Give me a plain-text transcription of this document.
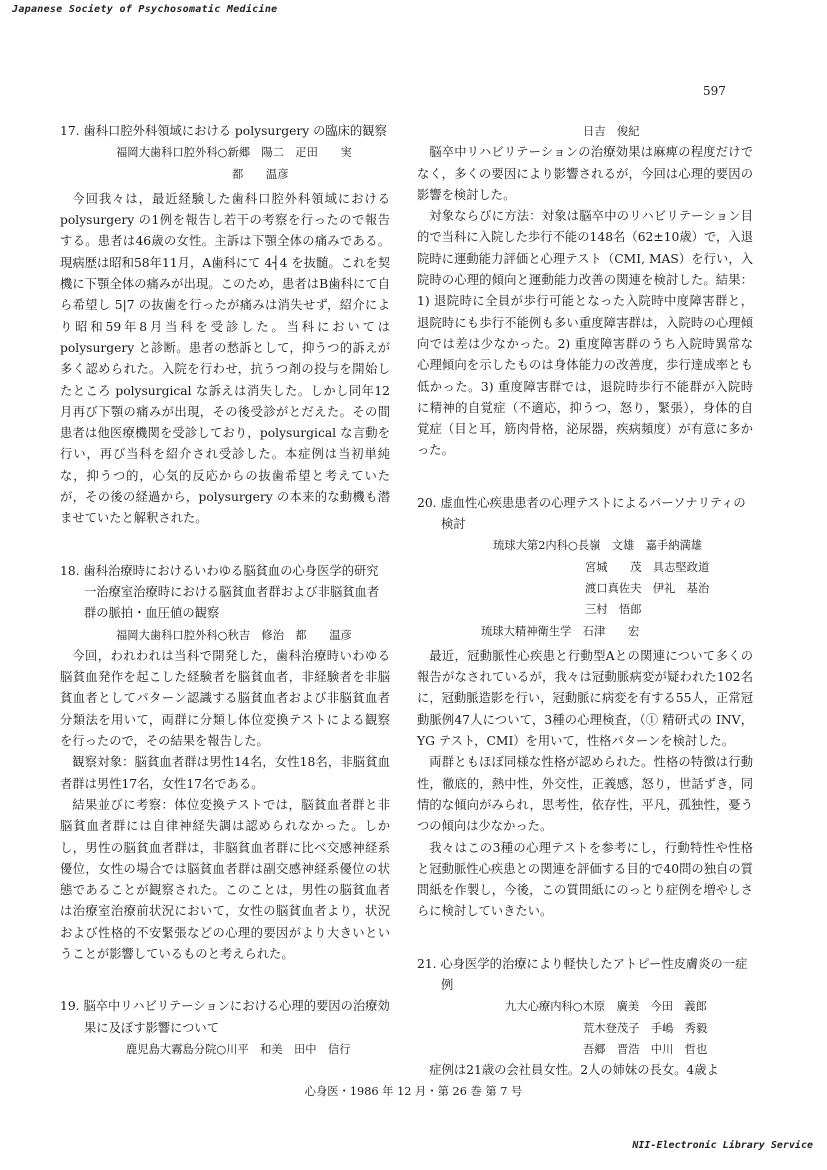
Japanese Society of Psychosomatic Medicine
597

17. 歯科口腔外科領域における polysurgery の臨床的観察

福岡大歯科口腔外科○新郷　陽二　疋田　　実

都　　温彦

今回我々は，最近経験した歯科口腔外科領域における polysurgery の1例を報告し若干の考察を行ったので報告する。患者は46歳の女性。主訴は下顎全体の痛みである。現病歴は昭和58年11月，A歯科にて 4┤4 を抜髄。これを契機に下顎全体の痛みが出現。このため，患者はB歯科にて自ら希望し 5|7 の抜歯を行ったが痛みは消失せず，紹介により昭和59年8月当科を受診した。当科においては polysurgery と診断。患者の愁訴として，抑うつ的訴えが多く認められた。入院を行わせ，抗うつ剤の投与を開始したところ polysurgical な訴えは消失した。しかし同年12月再び下顎の痛みが出現，その後受診がとだえた。その間患者は他医療機関を受診しており，polysurgical な言動を行い，再び当科を紹介され受診した。本症例は当初単純な，抑うつ的，心気的反応からの抜歯希望と考えていたが，その後の経過から，polysurgery の本来的な動機も潜ませていたと解釈された。

18. 歯科治療時におけるいわゆる脳貧血の心身医学的研究一治療室治療時における脳貧血者群および非脳貧血者群の脈拍・血圧値の観察

福岡大歯科口腔外科○秋吉　修治　都　　温彦

今回，われわれは当科で開発した，歯科治療時いわゆる脳貧血発作を起こした経験者を脳貧血者，非経験者を非脳貧血者としてパターン認識する脳貧血者および非脳貧血者分類法を用いて，両群に分類し体位変換テストによる観察を行ったので，その結果を報告した。

観察対象：脳貧血者群は男性14名，女性18名，非脳貧血者群は男性17名，女性17名である。

結果並びに考察：体位変換テストでは，脳貧血者群と非脳貧血者群には自律神経失調は認められなかった。しかし，男性の脳貧血者群は，非脳貧血者群に比べ交感神経系優位，女性の場合では脳貧血者群は副交感神経系優位の状態であることが観察された。このことは，男性の脳貧血者は治療室治療前状況において，女性の脳貧血者より，状況および性格的不安緊張などの心理的要因がより大きいということが影響しているものと考えられた。

19. 脳卒中リハビリテーションにおける心理的要因の治療効果に及ぼす影響について

鹿児島大霧島分院○川平　和美　田中　信行

日吉　俊紀

脳卒中リハビリテーションの治療効果は麻痺の程度だけでなく，多くの要因により影響されるが，今回は心理的要因の影響を検討した。

対象ならびに方法：対象は脳卒中のリハビリテーション目的で当科に入院した歩行不能の148名（62±10歳）で，入退院時に運動能力評価と心理テスト（CMI, MAS）を行い，入院時の心理的傾向と運動能力改善の関連を検討した。結果：1) 退院時に全員が歩行可能となった入院時中度障害群と，退院時にも歩行不能例も多い重度障害群は，入院時の心理傾向では差は少なかった。2) 重度障害群のうち入院時異常な心理傾向を示したものは身体能力の改善度，歩行達成率とも低かった。3) 重度障害群では，退院時歩行不能群が入院時に精神的自覚症（不適応，抑うつ，怒り，緊張），身体的自覚症（目と耳，筋肉骨格，泌尿器，疾病頻度）が有意に多かった。

20. 虚血性心疾患患者の心理テストによるパーソナリティの検討

琉球大第2内科○長嶺　文雄　嘉手納満雄

宮城　　茂　具志堅政道

渡口真佐夫　伊礼　基治

三村　悟郎

琉球大精神衛生学　石津　　宏

最近，冠動脈性心疾患と行動型Aとの関連について多くの報告がなされているが，我々は冠動脈病変が疑われた102名に，冠動脈造影を行い，冠動脈に病変を有する55人，正常冠動脈例47人について，3種の心理検査，（① 精研式の INV，YG テスト，CMI）を用いて，性格パターンを検討した。

両群ともほぼ同様な性格が認められた。性格の特徴は行動性，徹底的，熱中性，外交性，正義感，怒り，世話ずき，同情的な傾向がみられ，思考性，依存性，平凡，孤独性，憂うつの傾向は少なかった。

我々はこの3種の心理テストを参考にし，行動特性や性格と冠動脈性心疾患との関連を評価する目的で40問の独自の質問紙を作製し，今後，この質問紙にのっとり症例を増やしさらに検討していきたい。

21. 心身医学的治療により軽快したアトピー性皮膚炎の一症例

九大心療内科○木原　廣美　今田　義郎

荒木登茂子　手嶋　秀毅

吾郷　晋浩　中川　哲也

症例は21歳の会社員女性。2人の姉妹の長女。4歳よ

心身医・1986 年 12 月・第 26 巻 第 7 号
NII-Electronic Library Service
